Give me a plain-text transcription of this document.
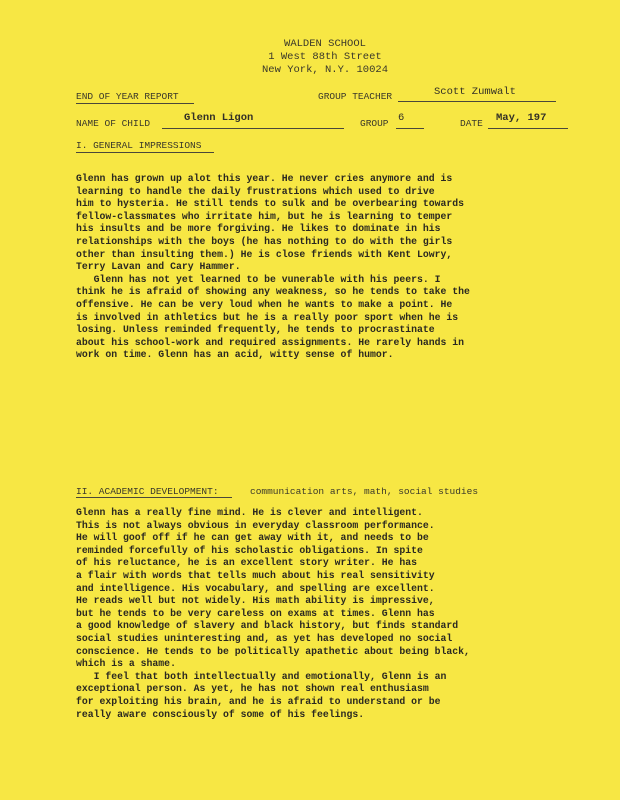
WALDEN SCHOOL
1 West 88th Street
New York, N.Y. 10024
END OF YEAR REPORT	GROUP TEACHER	Scott Zumwalt
NAME OF CHILD	Glenn Ligon	GROUP 6	DATE May, 197
I. GENERAL IMPRESSIONS

Glenn has grown up alot this year. He never cries anymore and is

learning to handle the daily frustrations which used to drive

him to hysteria. He still tends to sulk and be overbearing towards

fellow-classmates who irritate him, but he is learning to temper

his insults and be more forgiving. He likes to dominate in his

relationships with the boys (he has nothing to do with the girls

other than insulting them.) He is close friends with Kent Lowry,

Terry Lavan and Cary Hammer.

Glenn has not yet learned to be vunerable with his peers. I

think he is afraid of showing any weakness, so he tends to take the

offensive. He can be very loud when he wants to make a point. He

is involved in athletics but he is a really poor sport when he is

losing. Unless reminded frequently, he tends to procrastinate

about his school-work and required assignments. He rarely hands in

work on time. Glenn has an acid, witty sense of humor.

II. ACADEMIC DEVELOPMENT:	communication arts, math, social studies

Glenn has a really fine mind. He is clever and intelligent.

This is not always obvious in everyday classroom performance.

He will goof off if he can get away with it, and needs to be

reminded forcefully of his scholastic obligations. In spite

of his reluctance, he is an excellent story writer. He has

a flair with words that tells much about his real sensitivity

and intelligence. His vocabulary, and spelling are excellent.

He reads well but not widely. His math ability is impressive,

but he tends to be very careless on exams at times. Glenn has

a good knowledge of slavery and black history, but finds standard

social studies uninteresting and, as yet has developed no social

conscience. He tends to be politically apathetic about being black,

which is a shame.

I feel that both intellectually and emotionally, Glenn is an

exceptional person. As yet, he has not shown real enthusiasm

for exploiting his brain, and he is afraid to understand or be

really aware consciously of some of his feelings.
